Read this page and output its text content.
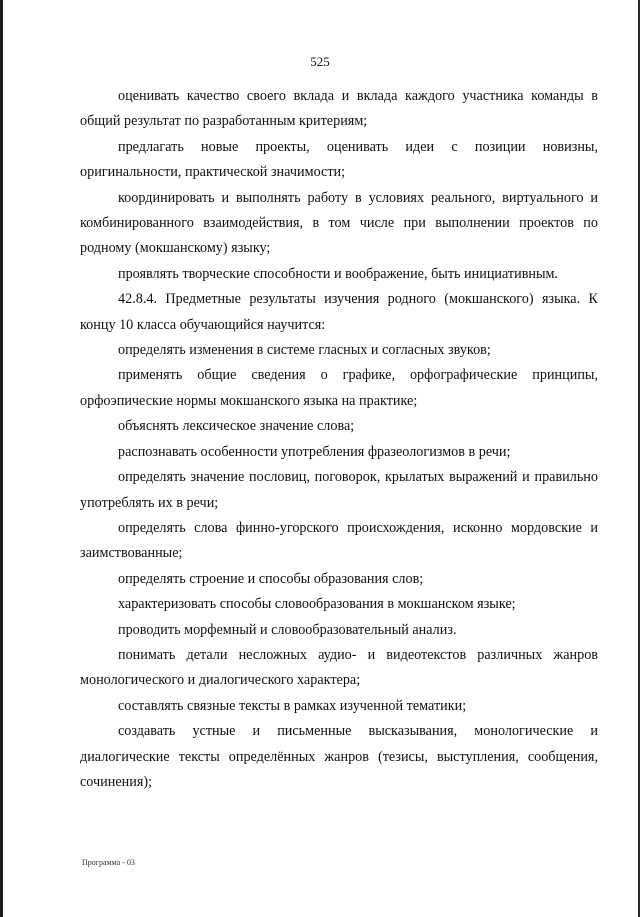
525

оценивать качество своего вклада и вклада каждого участника команды в общий результат по разработанным критериям;

предлагать новые проекты, оценивать идеи с позиции новизны, оригинальности, практической значимости;

координировать и выполнять работу в условиях реального, виртуального и комбинированного взаимодействия, в том числе при выполнении проектов по родному (мокшанскому) языку;

проявлять творческие способности и воображение, быть инициативным.

42.8.4. Предметные результаты изучения родного (мокшанского) языка. К концу 10 класса обучающийся научится:

определять изменения в системе гласных и согласных звуков;

применять общие сведения о графике, орфографические принципы, орфоэпические нормы мокшанского языка на практике;

объяснять лексическое значение слова;

распознавать особенности употребления фразеологизмов в речи;

определять значение пословиц, поговорок, крылатых выражений и правильно употреблять их в речи;

определять слова финно-угорского происхождения, исконно мордовские и заимствованные;

определять строение и способы образования слов;

характеризовать способы словообразования в мокшанском языке;

проводить морфемный и словообразовательный анализ.

понимать детали несложных аудио- и видеотекстов различных жанров монологического и диалогического характера;

составлять связные тексты в рамках изученной тематики;

создавать устные и письменные высказывания, монологические и диалогические тексты определённых жанров (тезисы, выступления, сообщения, сочинения);

Программа - 03
